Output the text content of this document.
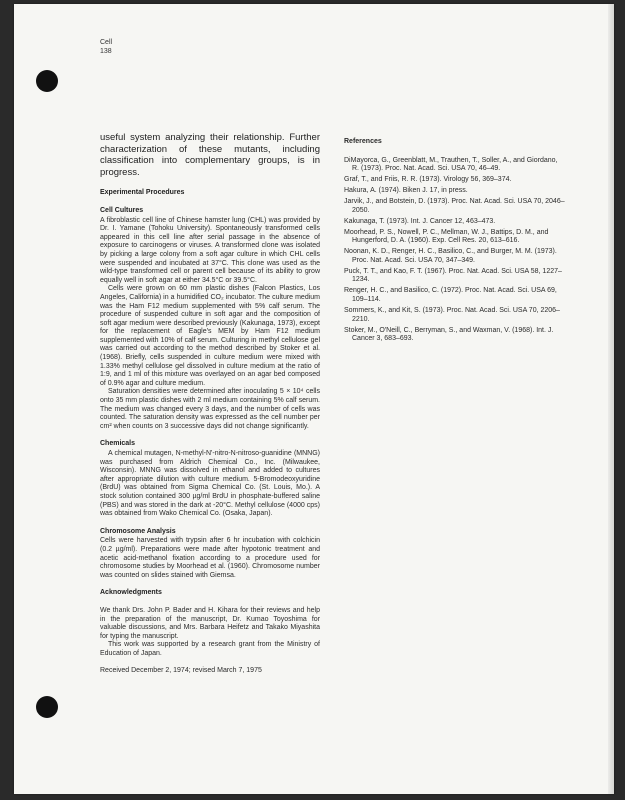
Cell
138

useful system analyzing their relationship. Further characterization of these mutants, including classification into complementary groups, is in progress.

Experimental Procedures
Cell Cultures

A fibroblastic cell line of Chinese hamster lung (CHL) was provided by Dr. I. Yamane (Tohoku University). Spontaneously transformed cells appeared in this cell line after serial passage in the absence of exposure to carcinogens or viruses. A transformed clone was isolated by picking a large colony from a soft agar culture in which CHL cells were suspended and incubated at 37°C. This clone was used as the wild-type transformed cell or parent cell because of its ability to grow equally well in soft agar at either 34.5°C or 39.5°C.

Cells were grown on 60 mm plastic dishes (Falcon Plastics, Los Angeles, California) in a humidified CO₂ incubator. The culture medium was the Ham F12 medium supplemented with 5% calf serum. The procedure of suspended culture in soft agar and the composition of soft agar medium were described previously (Kakunaga, 1973), except for the replacement of Eagle's MEM by Ham F12 medium supplemented with 10% of calf serum. Culturing in methyl cellulose gel was carried out according to the method described by Stoker et al. (1968). Briefly, cells suspended in culture medium were mixed with 1.33% methyl cellulose gel dissolved in culture medium at the ratio of 1:9, and 1 ml of this mixture was overlayed on an agar bed composed of 0.9% agar and culture medium.

Saturation densities were determined after inoculating 5 × 10⁴ cells onto 35 mm plastic dishes with 2 ml medium containing 5% calf serum. The medium was changed every 3 days, and the number of cells was counted. The saturation density was expressed as the cell number per cm² when counts on 3 successive days did not change significantly.

Chemicals

A chemical mutagen, N-methyl-N'-nitro-N-nitroso-guanidine (MNNG) was purchased from Aldrich Chemical Co., Inc. (Milwaukee, Wisconsin). MNNG was dissolved in ethanol and added to cultures after appropriate dilution with culture medium. 5-Bromodeoxyuridine (BrdU) was obtained from Sigma Chemical Co. (St. Louis, Mo.). A stock solution contained 300 µg/ml BrdU in phosphate-buffered saline (PBS) and was stored in the dark at -20°C. Methyl cellulose (4000 cps) was obtained from Wako Chemical Co. (Osaka, Japan).

Chromosome Analysis

Cells were harvested with trypsin after 6 hr incubation with colchicin (0.2 µg/ml). Preparations were made after hypotonic treatment and acetic acid-methanol fixation according to a procedure used for chromosome studies by Moorhead et al. (1960). Chromosome number was counted on slides stained with Giemsa.

Acknowledgments

We thank Drs. John P. Bader and H. Kihara for their reviews and help in the preparation of the manuscript, Dr. Kumao Toyoshima for valuable discussions, and Mrs. Barbara Heifetz and Takako Miyashita for typing the manuscript.

This work was supported by a research grant from the Ministry of Education of Japan.

Received December 2, 1974; revised March 7, 1975

References

DiMayorca, G., Greenblatt, M., Trauthen, T., Soller, A., and Giordano, R. (1973). Proc. Nat. Acad. Sci. USA 70, 46–49.

Graf, T., and Friis, R. R. (1973). Virology 56, 369–374.

Hakura, A. (1974). Biken J. 17, in press.

Jarvik, J., and Botstein, D. (1973). Proc. Nat. Acad. Sci. USA 70, 2046–2050.

Kakunaga, T. (1973). Int. J. Cancer 12, 463–473.

Moorhead, P. S., Nowell, P. C., Mellman, W. J., Battips, D. M., and Hungerford, D. A. (1960). Exp. Cell Res. 20, 613–616.

Noonan, K. D., Renger, H. C., Basilico, C., and Burger, M. M. (1973). Proc. Nat. Acad. Sci. USA 70, 347–349.

Puck, T. T., and Kao, F. T. (1967). Proc. Nat. Acad. Sci. USA 58, 1227–1234.

Renger, H. C., and Basilico, C. (1972). Proc. Nat. Acad. Sci. USA 69, 109–114.

Sommers, K., and Kit, S. (1973). Proc. Nat. Acad. Sci. USA 70, 2206–2210.

Stoker, M., O'Neill, C., Berryman, S., and Waxman, V. (1968). Int. J. Cancer 3, 683–693.
